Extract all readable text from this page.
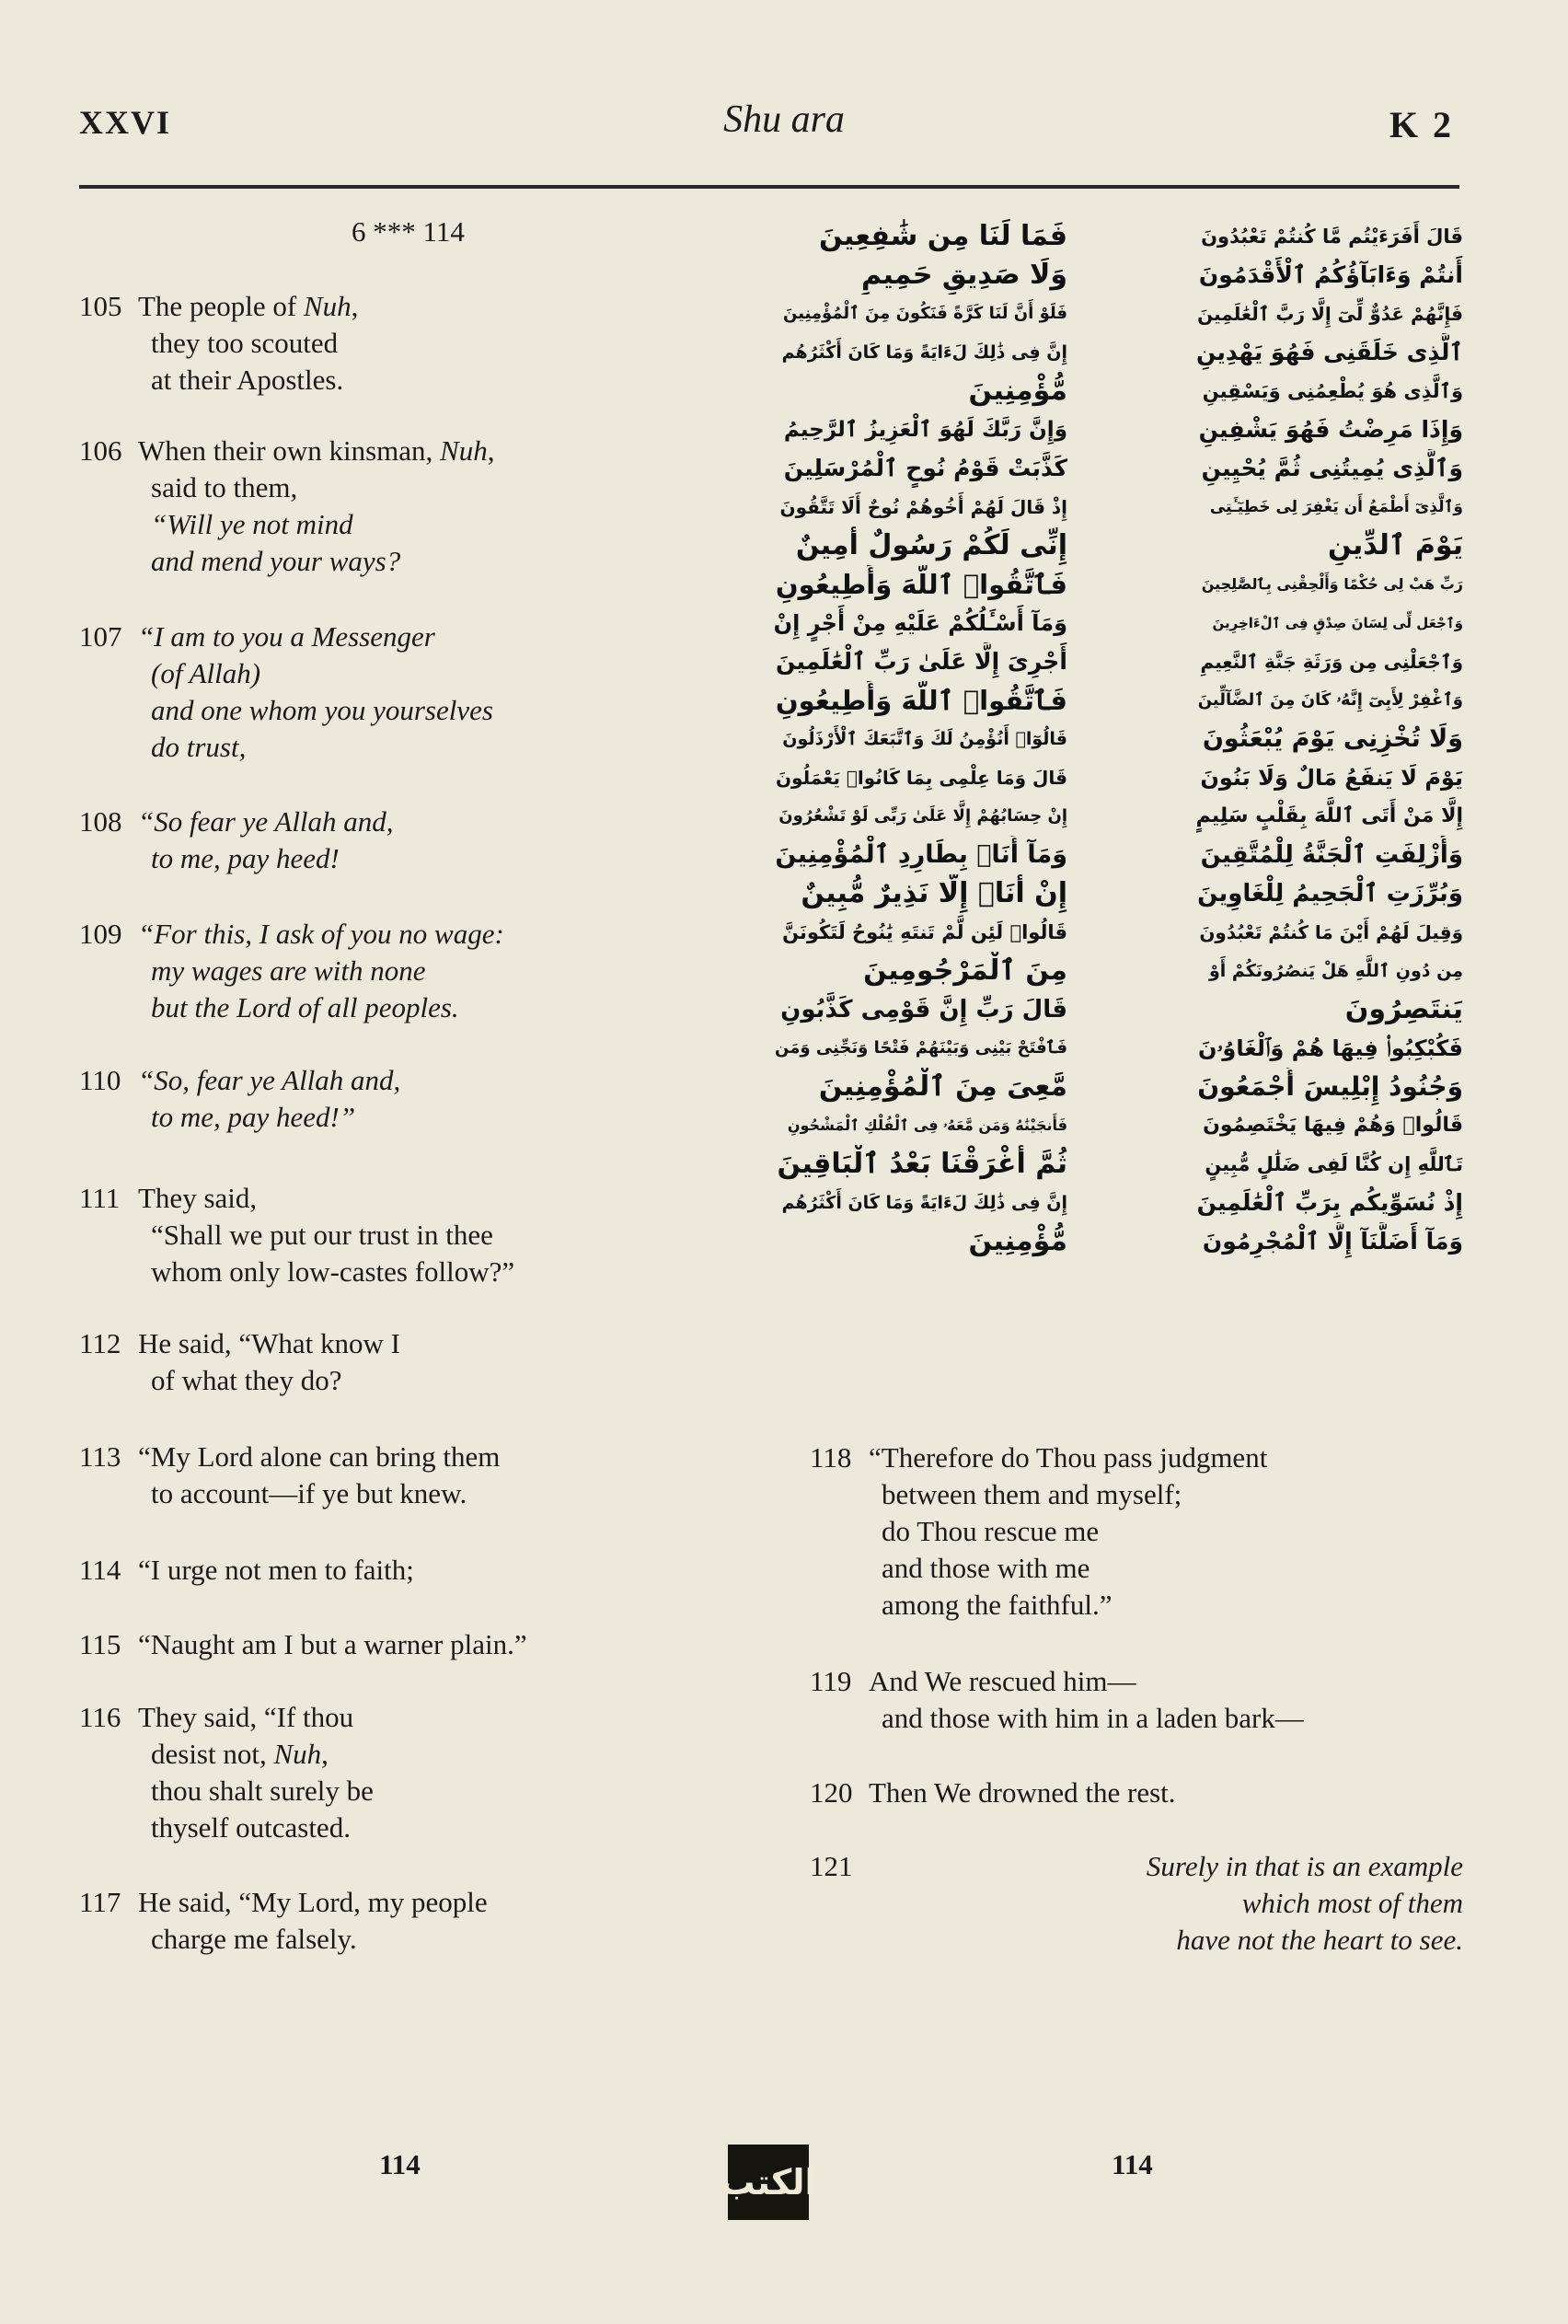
XXVI	Shu ara	K 2
6 *** 114	قَالَ أَفَرَءَيْتُم مَّا كُنتُمْ تَعْبُدُونَ
أَنتُمْ وَءَابَآؤُكُمُ ٱلْأَقْدَمُونَ
فَإِنَّهُمْ عَدُوٌّ لِّىٓ إِلَّا رَبَّ ٱلْعَٰلَمِينَ
ٱلَّذِى خَلَقَنِى فَهُوَ يَهْدِينِ
وَٱلَّذِى هُوَ يُطْعِمُنِى وَيَسْقِينِ
وَإِذَا مَرِضْتُ فَهُوَ يَشْفِينِ
وَٱلَّذِى يُمِيتُنِى ثُمَّ يُحْيِينِ
وَٱلَّذِىٓ أَطْمَعُ أَن يَغْفِرَ لِى خَطِيٓـَٔتِى
يَوْمَ ٱلدِّينِ
رَبِّ هَبْ لِى حُكْمًا وَأَلْحِقْنِى بِٱلصَّٰلِحِينَ
وَٱجْعَل لِّى لِسَانَ صِدْقٍ فِى ٱلْءَاخِرِينَ
وَٱجْعَلْنِى مِن وَرَثَةِ جَنَّةِ ٱلنَّعِيمِ
وَٱغْفِرْ لِأَبِىٓ إِنَّهُۥ كَانَ مِنَ ٱلضَّآلِّينَ
وَلَا تُخْزِنِى يَوْمَ يُبْعَثُونَ
يَوْمَ لَا يَنفَعُ مَالٌ وَلَا بَنُونَ
إِلَّا مَنْ أَتَى ٱللَّهَ بِقَلْبٍ سَلِيمٍ
وَأُزْلِفَتِ ٱلْجَنَّةُ لِلْمُتَّقِينَ
وَبُرِّزَتِ ٱلْجَحِيمُ لِلْغَاوِينَ
وَقِيلَ لَهُمْ أَيْنَ مَا كُنتُمْ تَعْبُدُونَ
مِن دُونِ ٱللَّهِ هَلْ يَنصُرُونَكُمْ أَوْ
يَنتَصِرُونَ
فَكُبْكِبُوا۟ فِيهَا هُمْ وَٱلْغَاوُۥنَ
وَجُنُودُ إِبْلِيسَ أَجْمَعُونَ
قَالُوا۟ وَهُمْ فِيهَا يَخْتَصِمُونَ
تَٱللَّهِ إِن كُنَّا لَفِى ضَلَٰلٍ مُّبِينٍ
إِذْ نُسَوِّيكُم بِرَبِّ ٱلْعَٰلَمِينَ
وَمَآ أَضَلَّنَآ إِلَّا ٱلْمُجْرِمُونَ
فَمَا لَنَا مِن شَٰفِعِينَ
وَلَا صَدِيقٍ حَمِيمٍ
فَلَوْ أَنَّ لَنَا كَرَّةً فَنَكُونَ مِنَ ٱلْمُؤْمِنِينَ
إِنَّ فِى ذَٰلِكَ لَءَايَةً وَمَا كَانَ أَكْثَرُهُم
مُّؤْمِنِينَ
وَإِنَّ رَبَّكَ لَهُوَ ٱلْعَزِيزُ ٱلرَّحِيمُ
كَذَّبَتْ قَوْمُ نُوحٍ ٱلْمُرْسَلِينَ
إِذْ قَالَ لَهُمْ أَخُوهُمْ نُوحٌ أَلَا تَتَّقُونَ
إِنِّى لَكُمْ رَسُولٌ أَمِينٌ
فَٱتَّقُوا۟ ٱللَّهَ وَأَطِيعُونِ
وَمَآ أَسْـَٔلُكُمْ عَلَيْهِ مِنْ أَجْرٍ إِنْ
أَجْرِىَ إِلَّا عَلَىٰ رَبِّ ٱلْعَٰلَمِينَ
فَٱتَّقُوا۟ ٱللَّهَ وَأَطِيعُونِ
قَالُوٓا۟ أَنُؤْمِنُ لَكَ وَٱتَّبَعَكَ ٱلْأَرْذَلُونَ
قَالَ وَمَا عِلْمِى بِمَا كَانُوا۟ يَعْمَلُونَ
إِنْ حِسَابُهُمْ إِلَّا عَلَىٰ رَبِّى لَوْ تَشْعُرُونَ
وَمَآ أَنَا۠ بِطَارِدِ ٱلْمُؤْمِنِينَ
إِنْ أَنَا۠ إِلَّا نَذِيرٌ مُّبِينٌ
قَالُوا۟ لَئِن لَّمْ تَنتَهِ يَٰنُوحُ لَتَكُونَنَّ
مِنَ ٱلْمَرْجُومِينَ
قَالَ رَبِّ إِنَّ قَوْمِى كَذَّبُونِ
فَٱفْتَحْ بَيْنِى وَبَيْنَهُمْ فَتْحًا وَنَجِّنِى وَمَن
مَّعِىَ مِنَ ٱلْمُؤْمِنِينَ
فَأَنجَيْنَٰهُ وَمَن مَّعَهُۥ فِى ٱلْفُلْكِ ٱلْمَشْحُونِ
ثُمَّ أَغْرَقْنَا بَعْدُ ٱلْبَاقِينَ
إِنَّ فِى ذَٰلِكَ لَءَايَةً وَمَا كَانَ أَكْثَرُهُم
مُّؤْمِنِينَ
105 The people of Nuh,
they too scouted
at their Apostles.
106 When their own kinsman, Nuh,
said to them,
“Will ye not mind
and mend your ways?
107 “I am to you a Messenger
(of Allah)
and one whom you yourselves
do trust,
108 “So fear ye Allah and,
to me, pay heed!
109 “For this, I ask of you no wage:
my wages are with none
but the Lord of all peoples.
110 “So, fear ye Allah and,
to me, pay heed!”
111 They said,
“Shall we put our trust in thee
whom only low-castes follow?”
112 He said, “What know I
of what they do?
113 “My Lord alone can bring them
to account—if ye but knew.
114 “I urge not men to faith;
115 “Naught am I but a warner plain.”
116 They said, “If thou
desist not, Nuh,
thou shalt surely be
thyself outcasted.
117 He said, “My Lord, my people
charge me falsely.
118 “Therefore do Thou pass judgment
between them and myself;
do Thou rescue me
and those with me
among the faithful.”
119 And We rescued him—
and those with him in a laden bark—
120 Then We drowned the rest.
121	Surely in that is an example
which most of them
have not the heart to see.
114	الكتب	114
